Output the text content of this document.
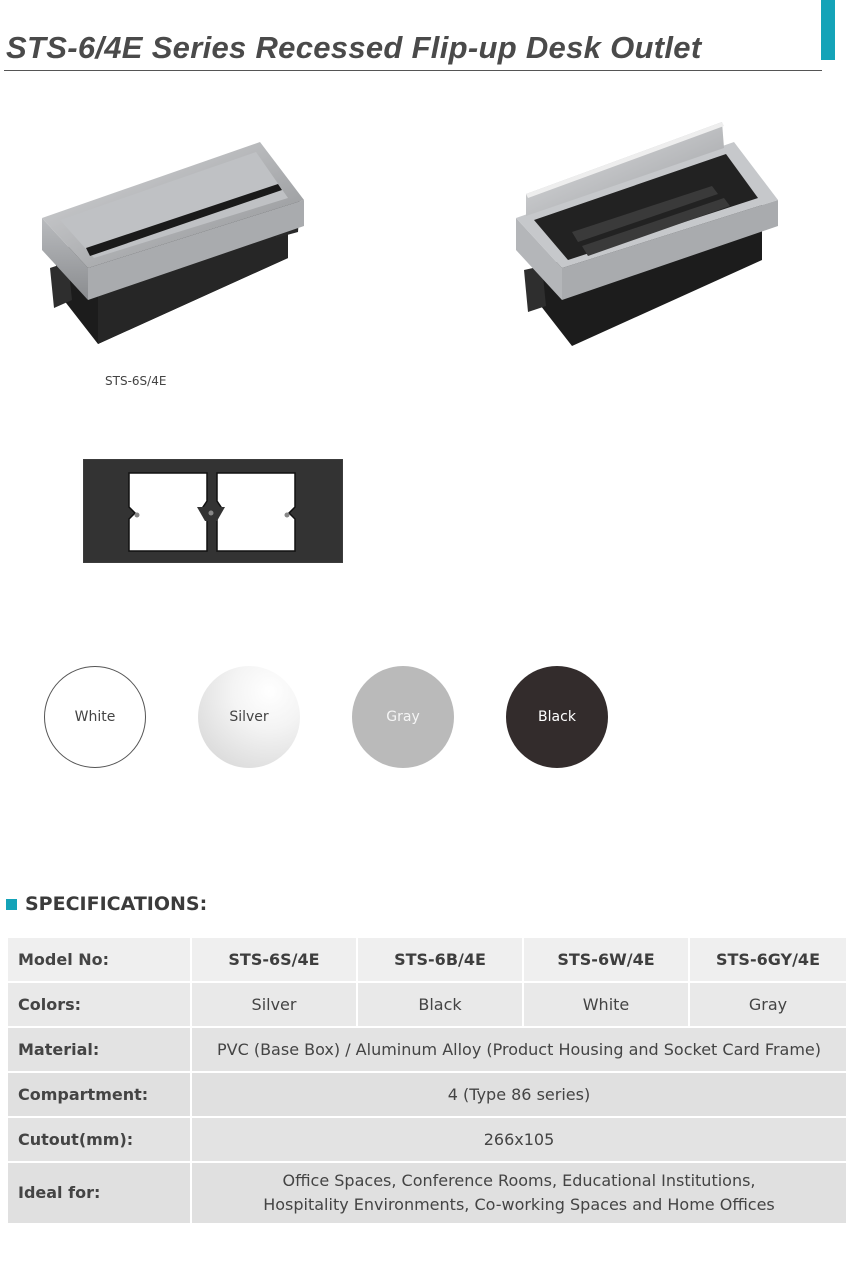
STS-6/4E Series Recessed Flip-up Desk Outlet
STS-6S/4E
White	Silver	Gray	Black
SPECIFICATIONS:
Model No:	STS-6S/4E	STS-6B/4E	STS-6W/4E	STS-6GY/4E
Colors:	Silver	Black	White	Gray
Material:	PVC (Base Box) / Aluminum Alloy (Product Housing and Socket Card Frame)			
Compartment:	4 (Type 86 series)			
Cutout(mm):	266x105			
Ideal for:	Office Spaces, Conference Rooms, Educational Institutions,
Hospitality Environments, Co-working Spaces and Home Offices			
